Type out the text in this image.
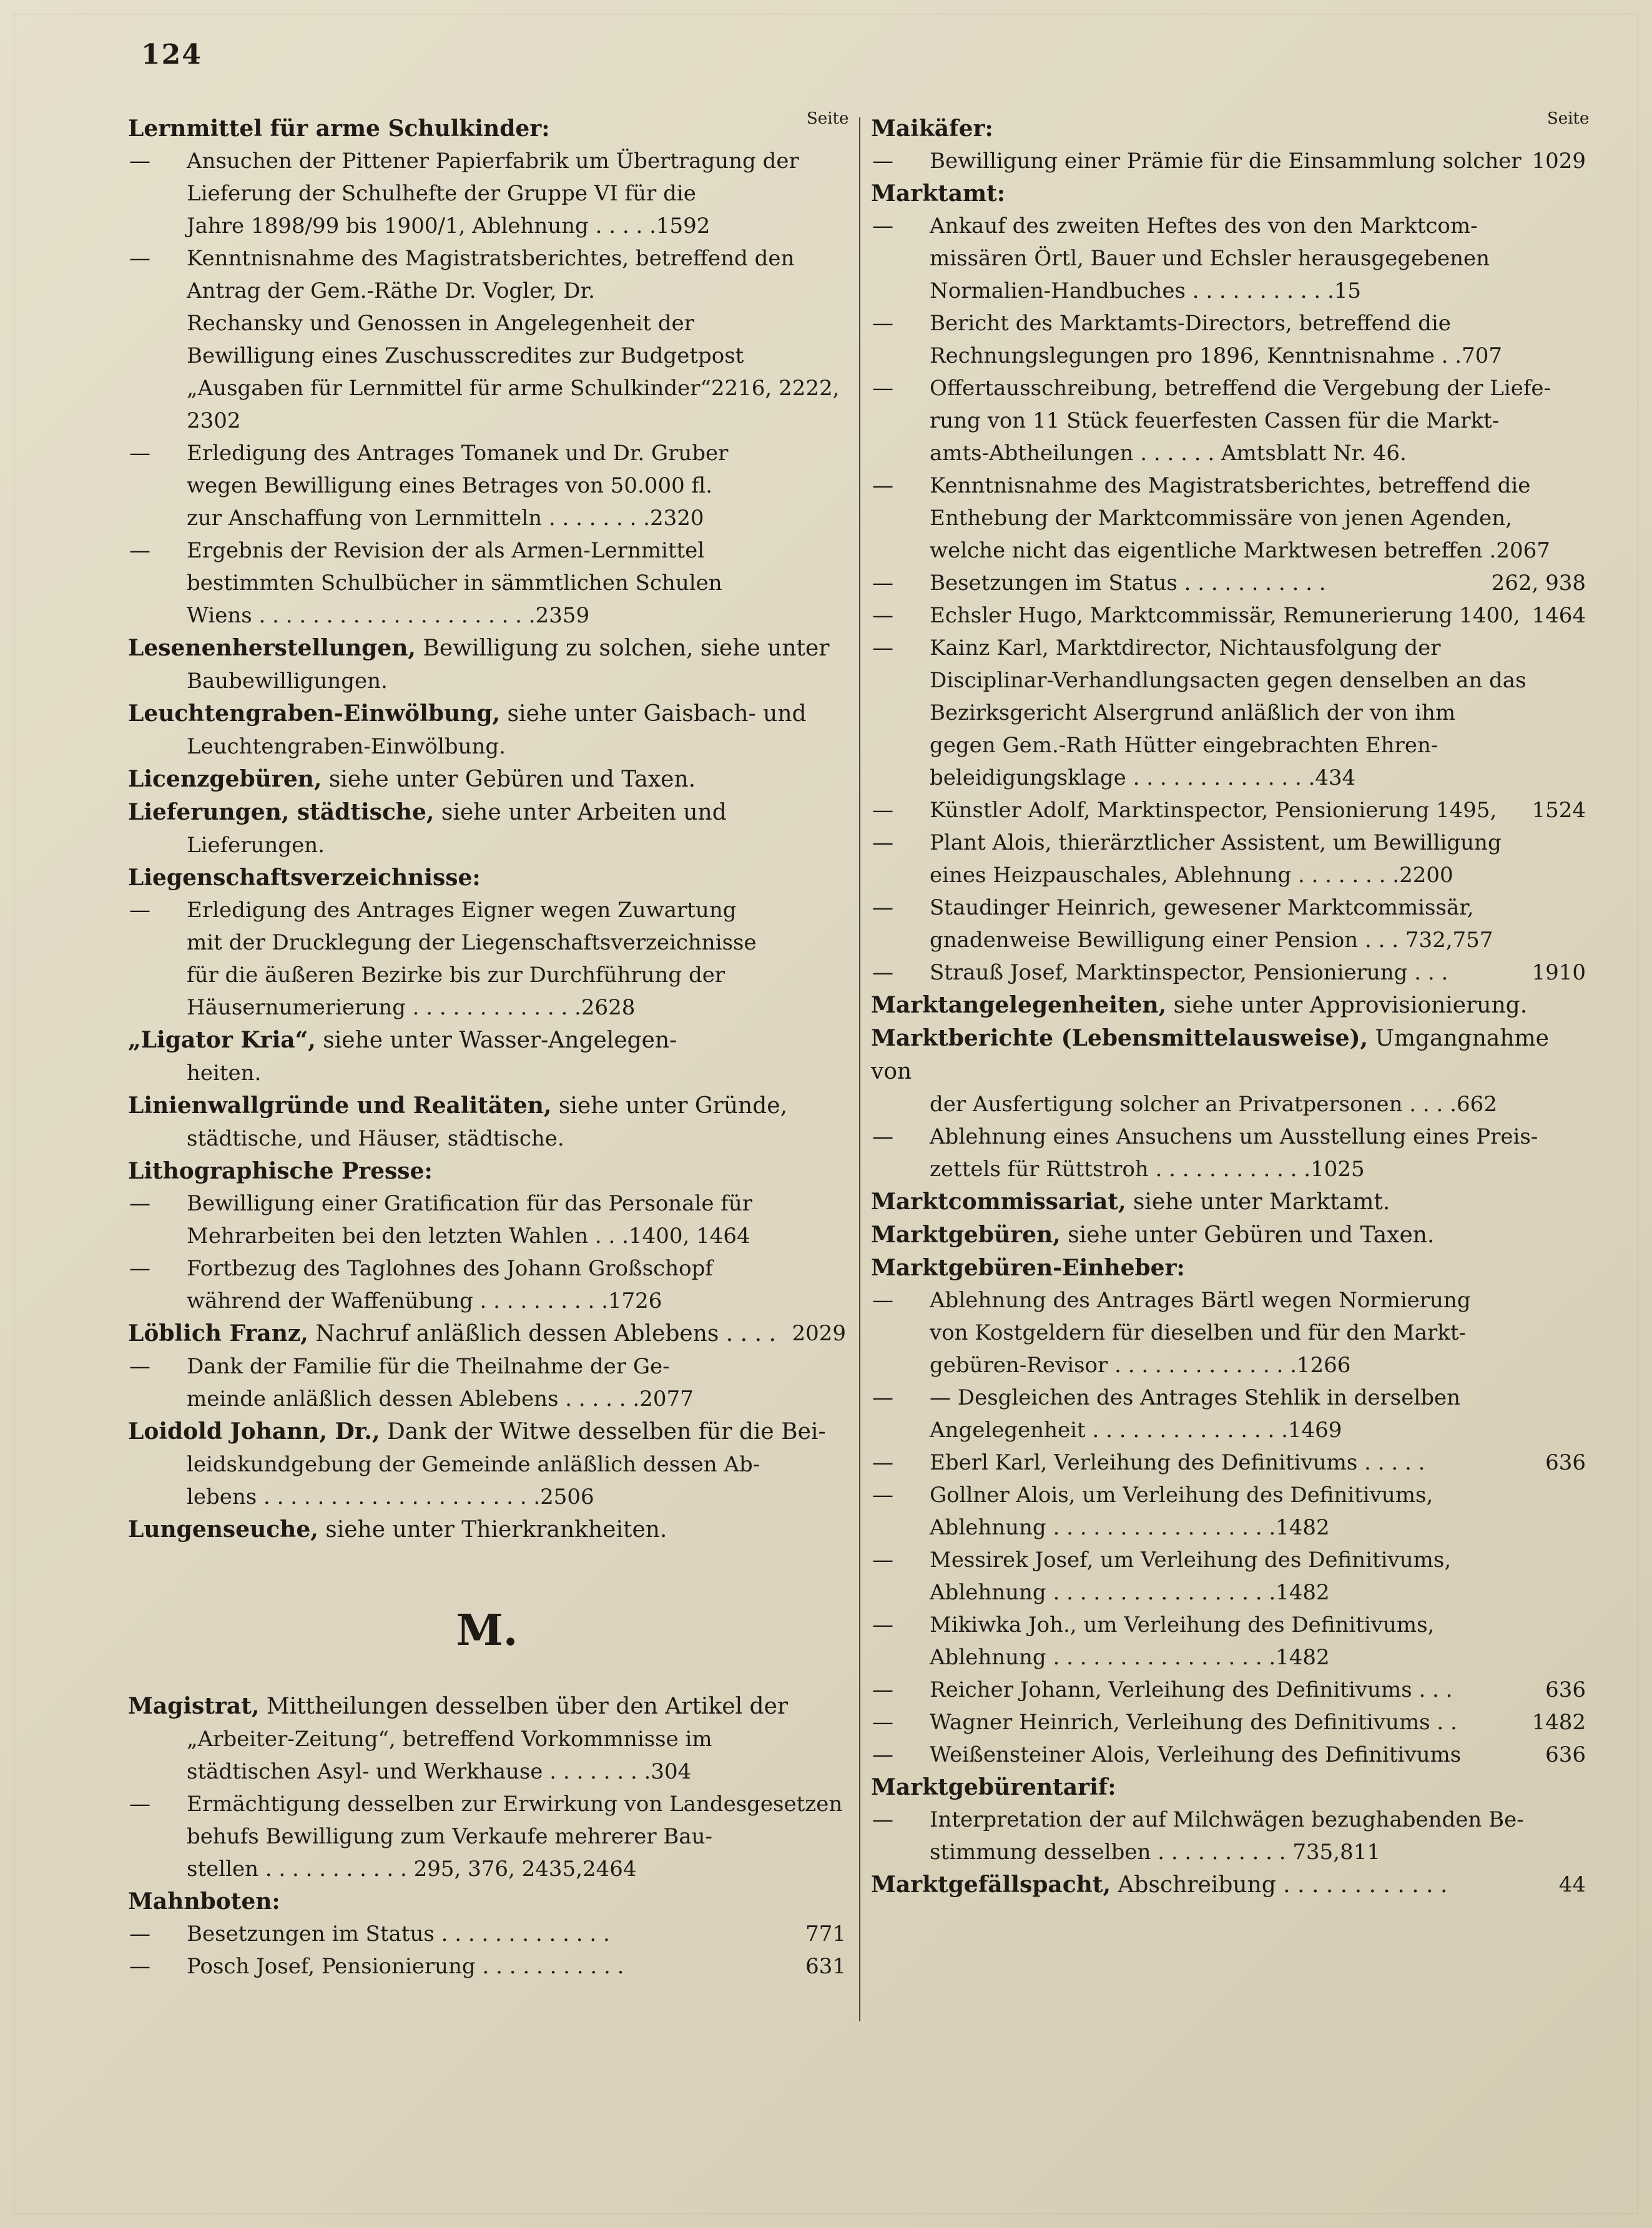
124
Seite	Seite
Lernmittel für arme Schulkinder:
— Ansuchen der Pittener Papierfabrik um Übertragung der
Lieferung der Schulhefte der Gruppe VI für die
Jahre 1898/99 bis 1900/1, Ablehnung . . . . .1592
— Kenntnisnahme des Magistratsberichtes, betreffend den
Antrag der Gem.-Räthe Dr. Vogler, Dr.
Rechansky und Genossen in Angelegenheit der
Bewilligung eines Zuschusscredites zur Budgetpost
„Ausgaben für Lernmittel für arme Schulkinder“2216, 2222, 2302
— Erledigung des Antrages Tomanek und Dr. Gruber
wegen Bewilligung eines Betrages von 50.000 fl.
zur Anschaffung von Lernmitteln . . . . . . . .2320
— Ergebnis der Revision der als Armen-Lernmittel
bestimmten Schulbücher in sämmtlichen Schulen
Wiens . . . . . . . . . . . . . . . . . . . . .2359
Lesenenherstellungen, Bewilligung zu solchen, siehe unter
Baubewilligungen.
Leuchtengraben-Einwölbung, siehe unter Gaisbach- und
Leuchtengraben-Einwölbung.
Licenzgebüren, siehe unter Gebüren und Taxen.
Lieferungen, städtische, siehe unter Arbeiten und
Lieferungen.
Liegenschaftsverzeichnisse:
— Erledigung des Antrages Eigner wegen Zuwartung
mit der Drucklegung der Liegenschaftsverzeichnisse
für die äußeren Bezirke bis zur Durchführung der
Häusernumerierung . . . . . . . . . . . . .2628
„Ligator Kria“, siehe unter Wasser-Angelegen-
heiten.
Linienwallgründe und Realitäten, siehe unter Gründe,
städtische, und Häuser, städtische.
Lithographische Presse:
— Bewilligung einer Gratification für das Personale für
Mehrarbeiten bei den letzten Wahlen . . .1400, 1464
— Fortbezug des Taglohnes des Johann Großschopf
während der Waffenübung . . . . . . . . . .1726
Löblich Franz, Nachruf anläßlich dessen Ablebens . . . . 2029
— Dank der Familie für die Theilnahme der Ge-
meinde anläßlich dessen Ablebens . . . . . .2077
Loidold Johann, Dr., Dank der Witwe desselben für die Bei-
leidskundgebung der Gemeinde anläßlich dessen Ab-
lebens . . . . . . . . . . . . . . . . . . . . .2506
Lungenseuche, siehe unter Thierkrankheiten.
M.
Magistrat, Mittheilungen desselben über den Artikel der
„Arbeiter-Zeitung“, betreffend Vorkommnisse im
städtischen Asyl- und Werkhause . . . . . . . .304
— Ermächtigung desselben zur Erwirkung von Landesgesetzen
behufs Bewilligung zum Verkaufe mehrerer Bau-
stellen . . . . . . . . . . . 295, 376, 2435,2464
Mahnboten:
— Besetzungen im Status . . . . . . . . . . . . .	771
— Posch Josef, Pensionierung . . . . . . . . . . .	631
Maikäfer:
— Bewilligung einer Prämie für die Einsammlung solcher 1029
Marktamt:
— Ankauf des zweiten Heftes des von den Marktcom-
missären Örtl, Bauer und Echsler herausgegebenen
Normalien-Handbuches . . . . . . . . . . .15
— Bericht des Marktamts-Directors, betreffend die
Rechnungslegungen pro 1896, Kenntnisnahme . .707
— Offertausschreibung, betreffend die Vergebung der Liefe-
rung von 11 Stück feuerfesten Cassen für die Markt-
amts-Abtheilungen . . . . . . Amtsblatt Nr. 46.
— Kenntnisnahme des Magistratsberichtes, betreffend die
Enthebung der Marktcommissäre von jenen Agenden,
welche nicht das eigentliche Marktwesen betreffen .2067
— Besetzungen im Status . . . . . . . . . . .	262, 938
— Echsler Hugo, Marktcommissär, Remunerierung 1400, 1464
— Kainz Karl, Marktdirector, Nichtausfolgung der
Disciplinar-Verhandlungsacten gegen denselben an das
Bezirksgericht Alsergrund anläßlich der von ihm
gegen Gem.-Rath Hütter eingebrachten Ehren-
beleidigungsklage . . . . . . . . . . . . . .434
— Künstler Adolf, Marktinspector, Pensionierung 1495, 1524
— Plant Alois, thierärztlicher Assistent, um Bewilligung
eines Heizpauschales, Ablehnung . . . . . . . .2200
— Staudinger Heinrich, gewesener Marktcommissär,
gnadenweise Bewilligung einer Pension . . . 732,757
— Strauß Josef, Marktinspector, Pensionierung . . .	1910
Marktangelegenheiten, siehe unter Approvisionierung.
Marktberichte (Lebensmittelausweise), Umgangnahme von
der Ausfertigung solcher an Privatpersonen . . . .662
— Ablehnung eines Ansuchens um Ausstellung eines Preis-
zettels für Rüttstroh . . . . . . . . . . . .1025
Marktcommissariat, siehe unter Marktamt.
Marktgebüren, siehe unter Gebüren und Taxen.
Marktgebüren-Einheber:
— Ablehnung des Antrages Bärtl wegen Normierung
von Kostgeldern für dieselben und für den Markt-
gebüren-Revisor . . . . . . . . . . . . . .1266
— — Desgleichen des Antrages Stehlik in derselben
Angelegenheit . . . . . . . . . . . . . . .1469
— Eberl Karl, Verleihung des Definitivums . . . . .	636
— Gollner Alois, um Verleihung des Definitivums,
Ablehnung . . . . . . . . . . . . . . . . .1482
— Messirek Josef, um Verleihung des Definitivums,
Ablehnung . . . . . . . . . . . . . . . . .1482
— Mikiwka Joh., um Verleihung des Definitivums,
Ablehnung . . . . . . . . . . . . . . . . .1482
— Reicher Johann, Verleihung des Definitivums . . .	636
— Wagner Heinrich, Verleihung des Definitivums . .	1482
— Weißensteiner Alois, Verleihung des Definitivums	636
Marktgebürentarif:
— Interpretation der auf Milchwägen bezughabenden Be-
stimmung desselben . . . . . . . . . . 735,811
Marktgefällspacht, Abschreibung . . . . . . . . . . . .	44
